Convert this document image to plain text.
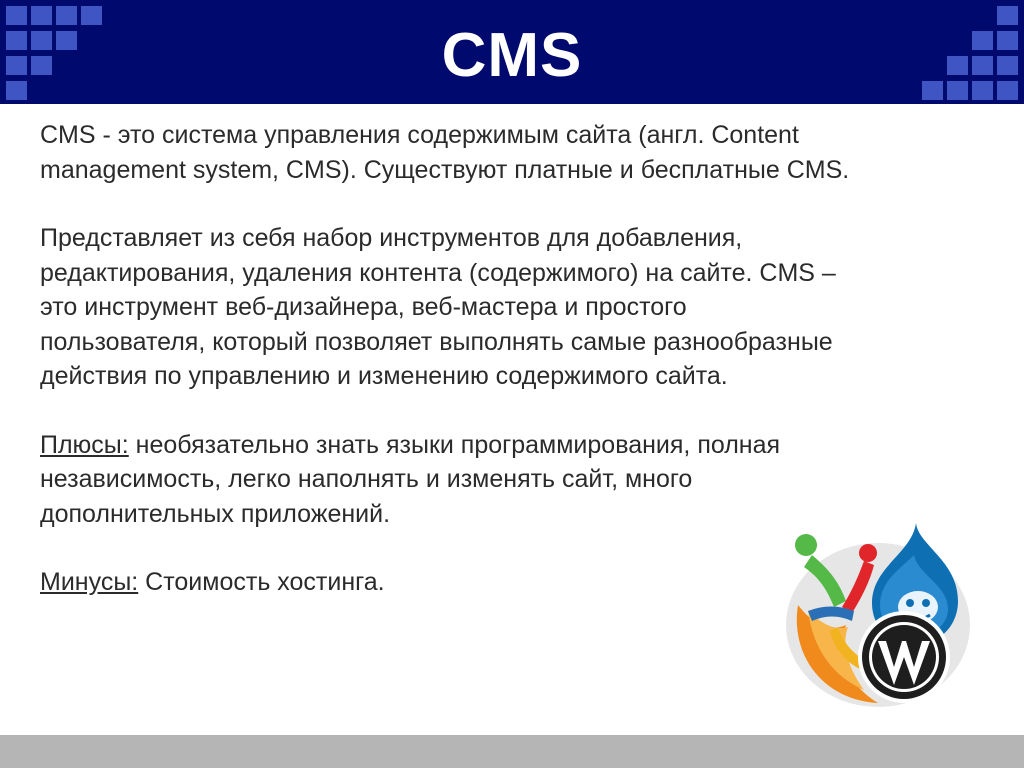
CMS

CMS - это система управления содержимым сайта (англ. Content
management system, CMS). Существуют платные и бесплатные CMS.

Представляет из себя набор инструментов для добавления,
редактирования, удаления контента (содержимого) на сайте. CMS –
это инструмент веб-дизайнера, веб-мастера и простого
пользователя, который позволяет выполнять самые разнообразные
действия по управлению и изменению содержимого сайта.

Плюсы: необязательно знать языки программирования, полная
независимость, легко наполнять и изменять сайт, много
дополнительных приложений.

Минусы: Стоимость хостинга.
